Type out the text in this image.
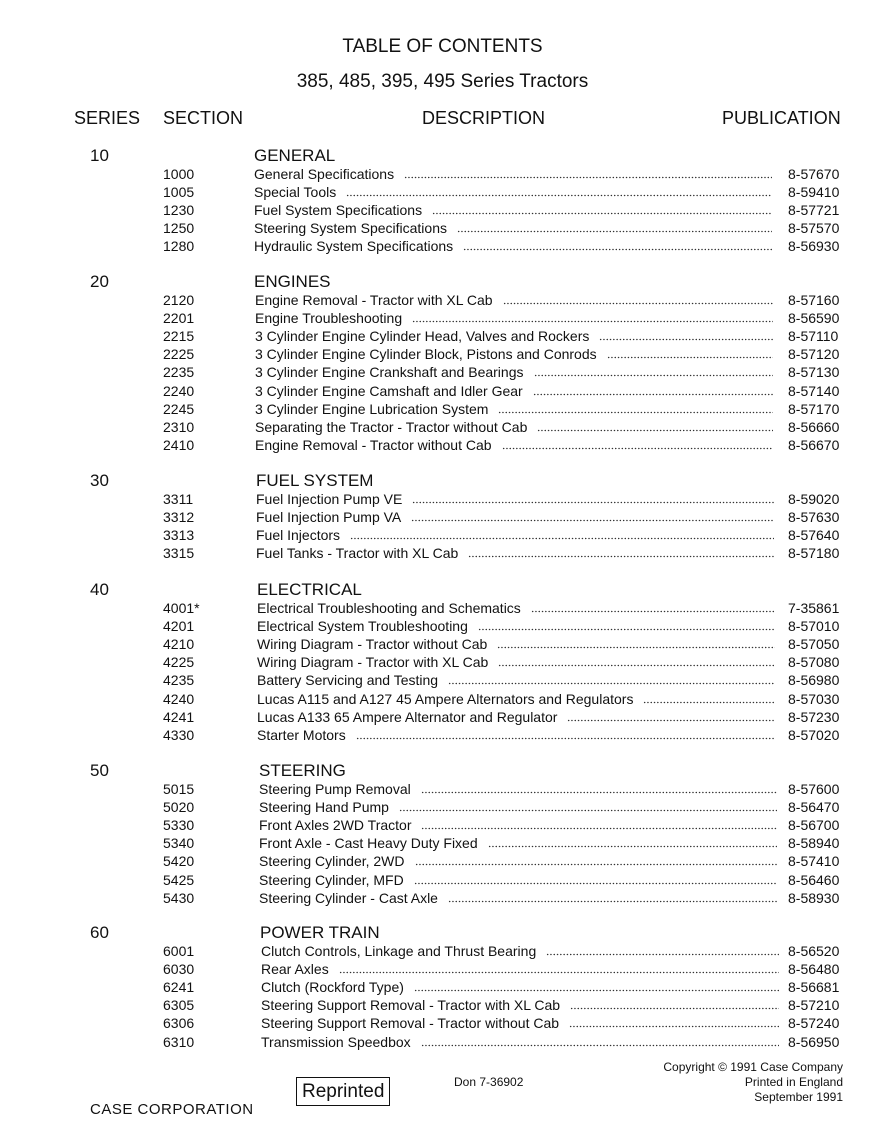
TABLE OF CONTENTS
385, 485, 395, 495 Series Tractors
SERIES SECTION	DESCRIPTION	PUBLICATION
10	GENERAL
1000	General Specifications	8-57670
1005	Special Tools	8-59410
1230	Fuel System Specifications	8-57721
1250	Steering System Specifications	8-57570
1280	Hydraulic System Specifications	8-56930
20	ENGINES
2120	Engine Removal - Tractor with XL Cab	8-57160
2201	Engine Troubleshooting	8-56590
2215	3 Cylinder Engine Cylinder Head, Valves and Rockers	8-57110
2225	3 Cylinder Engine Cylinder Block, Pistons and Conrods	8-57120
2235	3 Cylinder Engine Crankshaft and Bearings	8-57130
2240	3 Cylinder Engine Camshaft and Idler Gear	8-57140
2245	3 Cylinder Engine Lubrication System	8-57170
2310	Separating the Tractor - Tractor without Cab	8-56660
2410	Engine Removal - Tractor without Cab	8-56670
30	FUEL SYSTEM
3311	Fuel Injection Pump VE	8-59020
3312	Fuel Injection Pump VA	8-57630
3313	Fuel Injectors	8-57640
3315	Fuel Tanks - Tractor with XL Cab	8-57180
40	ELECTRICAL
4001*	Electrical Troubleshooting and Schematics	7-35861
4201	Electrical System Troubleshooting	8-57010
4210	Wiring Diagram - Tractor without Cab	8-57050
4225	Wiring Diagram - Tractor with XL Cab	8-57080
4235	Battery Servicing and Testing	8-56980
4240	Lucas A115 and A127 45 Ampere Alternators and Regulators	8-57030
4241	Lucas A133 65 Ampere Alternator and Regulator	8-57230
4330	Starter Motors	8-57020
50	STEERING
5015	Steering Pump Removal	8-57600
5020	Steering Hand Pump	8-56470
5330	Front Axles 2WD Tractor	8-56700
5340	Front Axle - Cast Heavy Duty Fixed	8-58940
5420	Steering Cylinder, 2WD	8-57410
5425	Steering Cylinder, MFD	8-56460
5430	Steering Cylinder - Cast Axle	8-58930
60	POWER TRAIN
6001	Clutch Controls, Linkage and Thrust Bearing	8-56520
6030	Rear Axles	8-56480
6241	Clutch (Rockford Type)	8-56681
6305	Steering Support Removal - Tractor with XL Cab	8-57210
6306	Steering Support Removal - Tractor without Cab	8-57240
6310	Transmission Speedbox	8-56950
Copyright © 1991 Case Company
Printed in England
September 1991
Don 7-36902
Reprinted
CASE CORPORATION
